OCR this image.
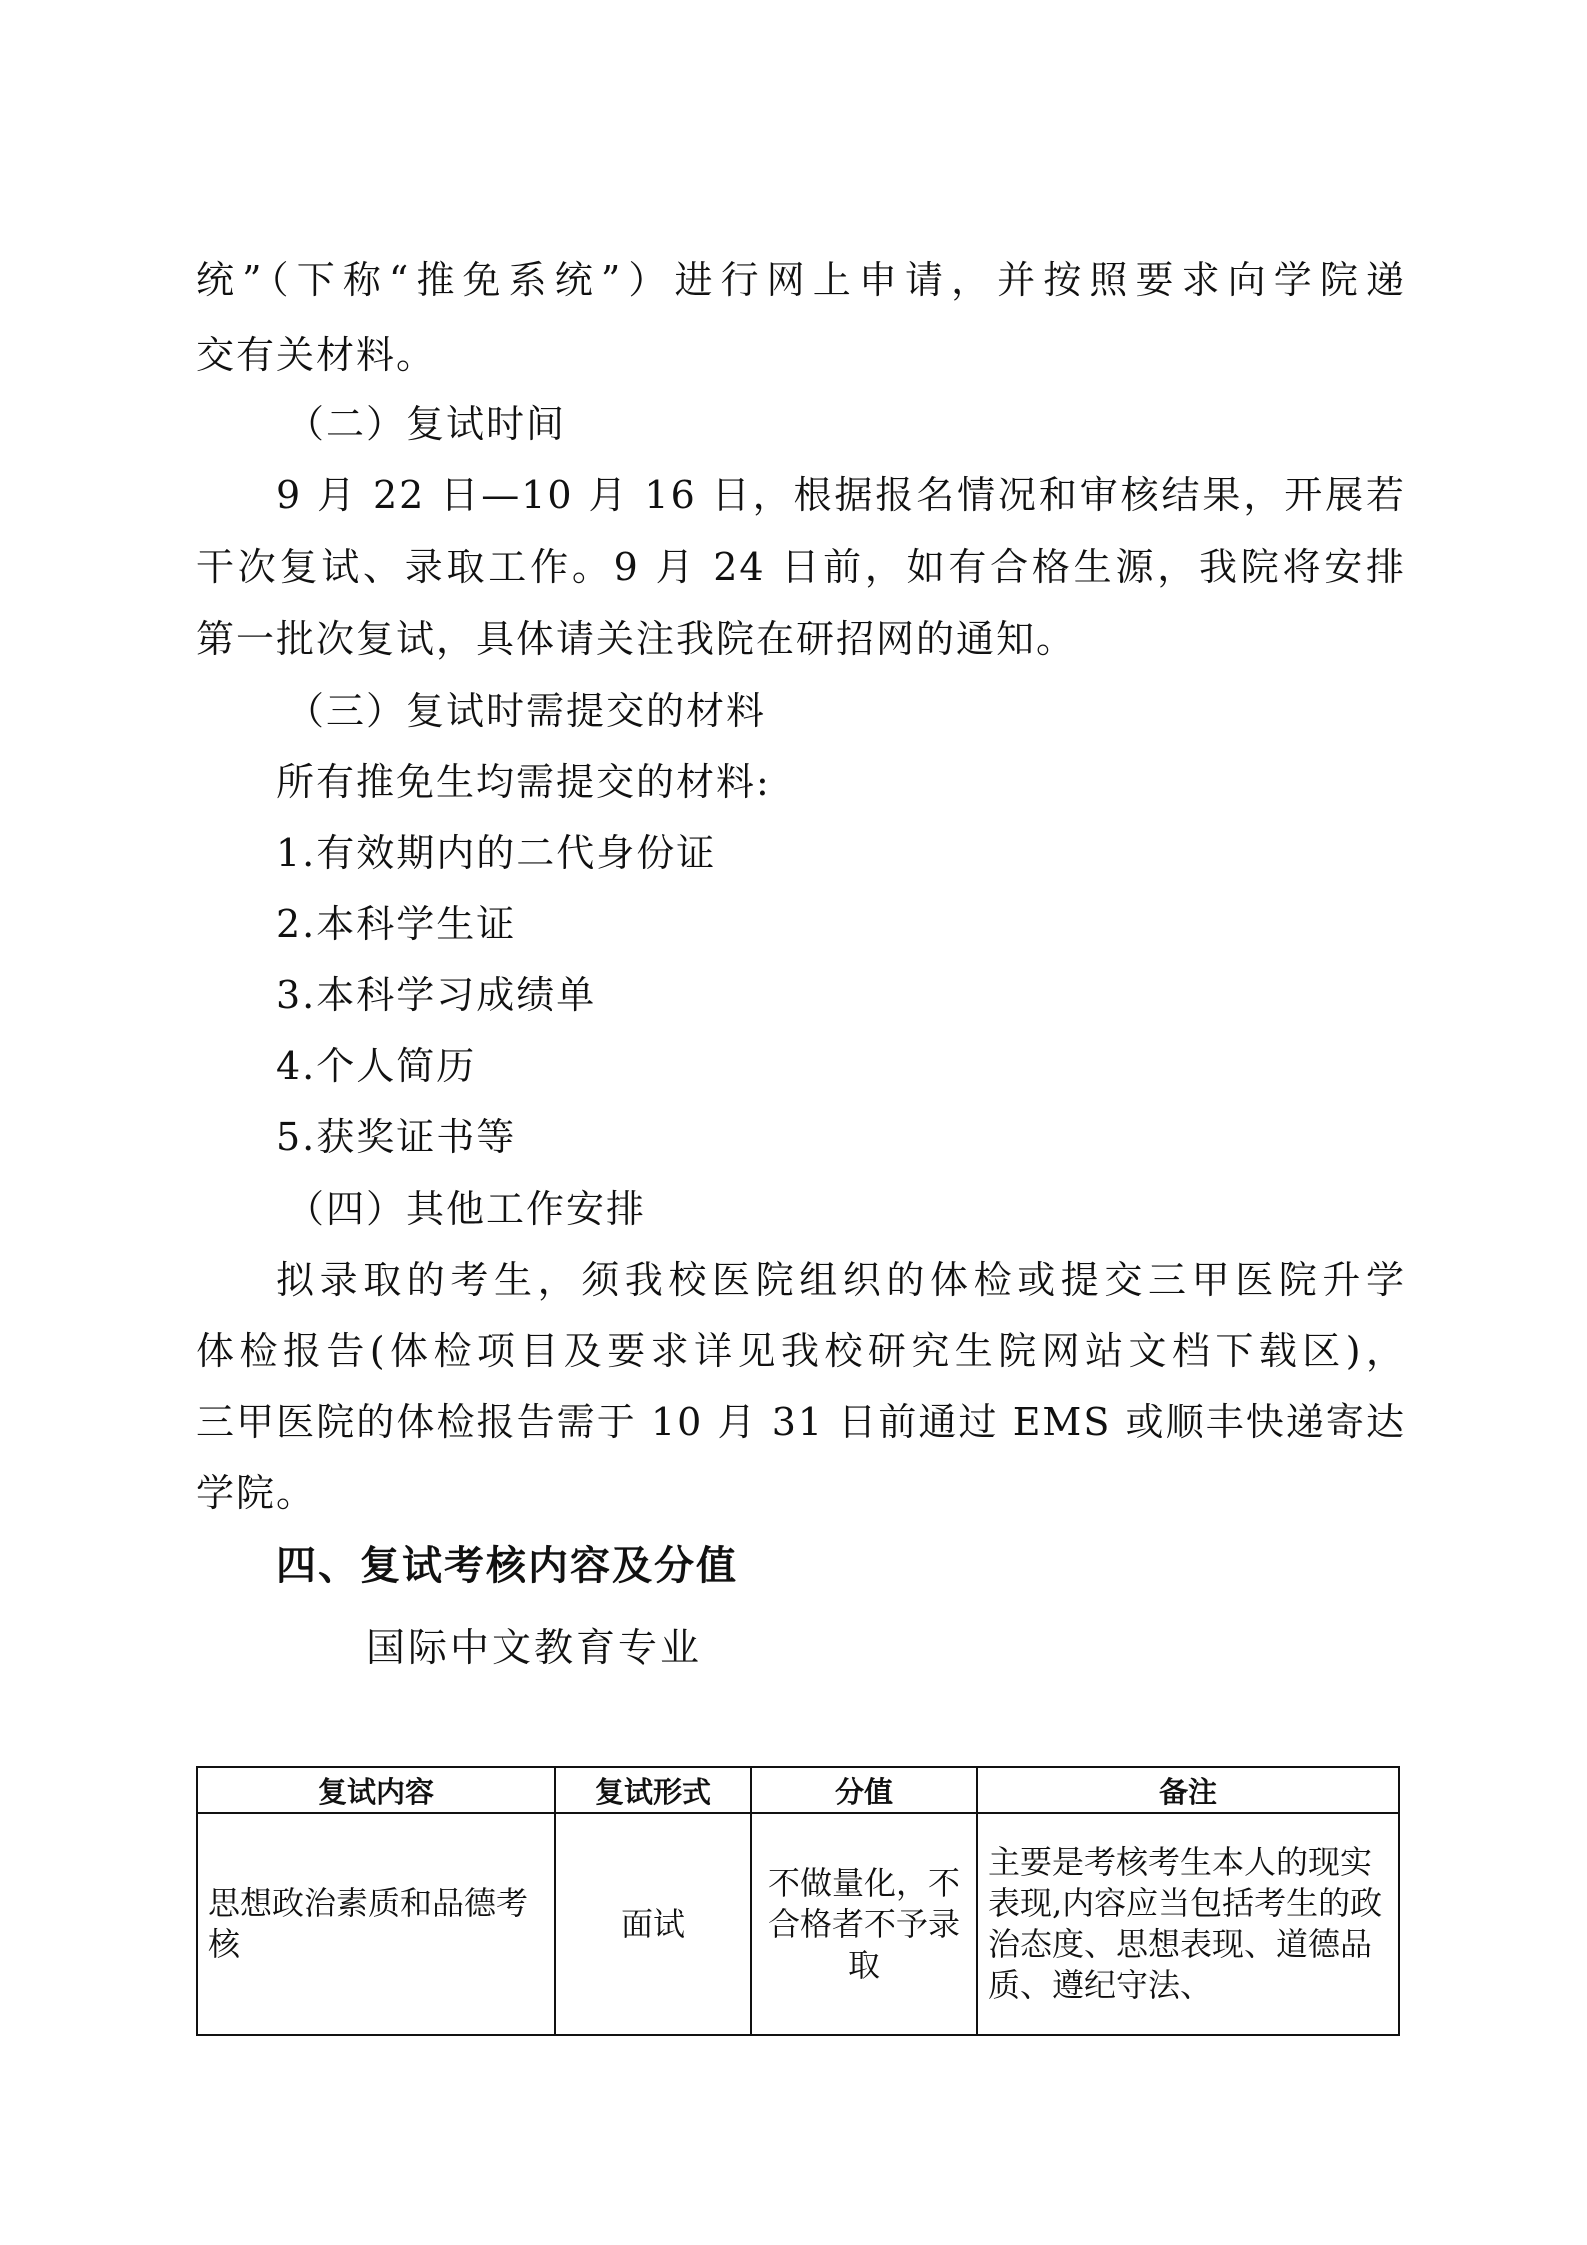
统”（下称“推免系统”）进行网上申请，并按照要求向学院递
交有关材料。
（二）复试时间
9 月 22 日—10 月 16 日，根据报名情况和审核结果，开展若
干次复试、录取工作。9 月 24 日前，如有合格生源，我院将安排
第一批次复试，具体请关注我院在研招网的通知。
（三）复试时需提交的材料
所有推免生均需提交的材料:
1.有效期内的二代身份证
2.本科学生证
3.本科学习成绩单
4.个人简历
5.获奖证书等
（四）其他工作安排
拟录取的考生，须我校医院组织的体检或提交三甲医院升学
体检报告(体检项目及要求详见我校研究生院网站文档下载区)，
三甲医院的体检报告需于 10 月 31 日前通过 EMS 或顺丰快递寄达
学院。
四、复试考核内容及分值
国际中文教育专业
复试内容	复试形式	分值	备注
思想政治素质和品德考核	面试	不做量化，不合格者不予录取	主要是考核考生本人的现实表现,内容应当包括考生的政治态度、思想表现、道德品质、遵纪守法、
